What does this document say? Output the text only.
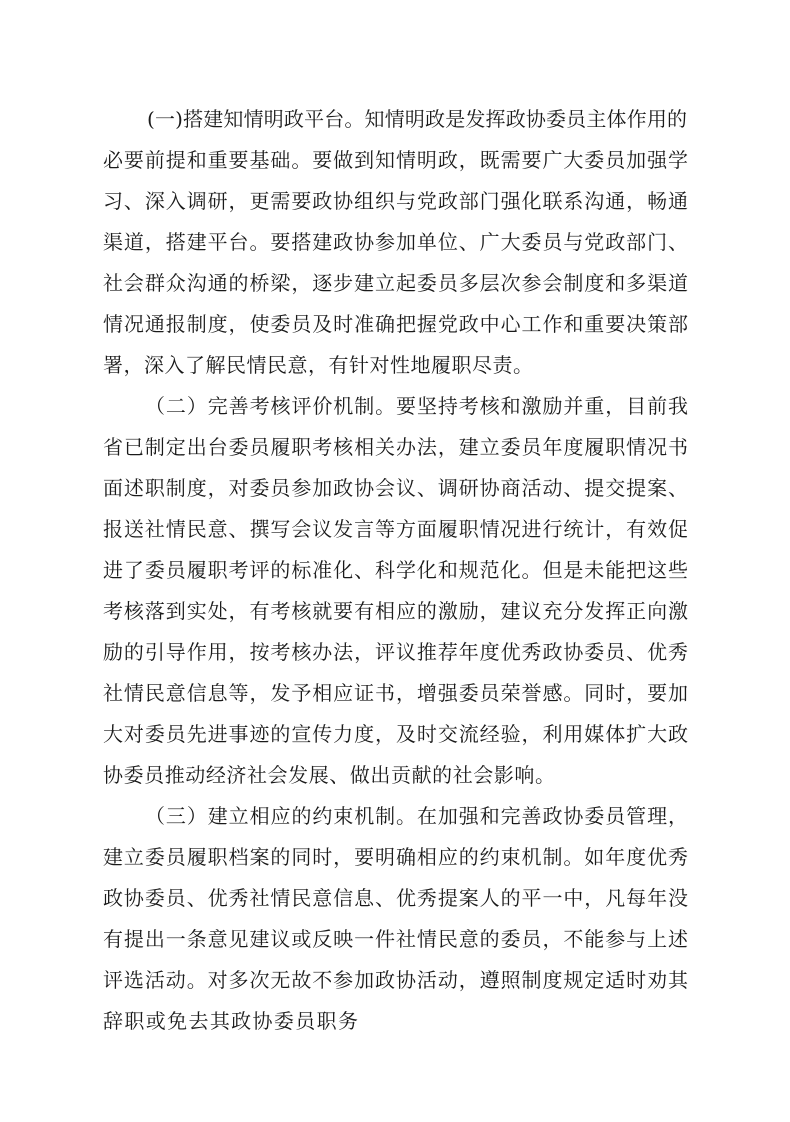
(一)搭建知情明政平台。知情明政是发挥政协委员主体作用的
必要前提和重要基础。要做到知情明政，既需要广大委员加强学
习、深入调研，更需要政协组织与党政部门强化联系沟通，畅通
渠道，搭建平台。要搭建政协参加单位、广大委员与党政部门、
社会群众沟通的桥梁，逐步建立起委员多层次参会制度和多渠道
情况通报制度，使委员及时准确把握党政中心工作和重要决策部
署，深入了解民情民意，有针对性地履职尽责。
（二）完善考核评价机制。要坚持考核和激励并重，目前我
省已制定出台委员履职考核相关办法，建立委员年度履职情况书
面述职制度，对委员参加政协会议、调研协商活动、提交提案、
报送社情民意、撰写会议发言等方面履职情况进行统计，有效促
进了委员履职考评的标准化、科学化和规范化。但是未能把这些
考核落到实处，有考核就要有相应的激励，建议充分发挥正向激
励的引导作用，按考核办法，评议推荐年度优秀政协委员、优秀
社情民意信息等，发予相应证书，增强委员荣誉感。同时，要加
大对委员先进事迹的宣传力度，及时交流经验，利用媒体扩大政
协委员推动经济社会发展、做出贡献的社会影响。
（三）建立相应的约束机制。在加强和完善政协委员管理，
建立委员履职档案的同时，要明确相应的约束机制。如年度优秀
政协委员、优秀社情民意信息、优秀提案人的平一中，凡每年没
有提出一条意见建议或反映一件社情民意的委员，不能参与上述
评选活动。对多次无故不参加政协活动，遵照制度规定适时劝其
辞职或免去其政协委员职务
